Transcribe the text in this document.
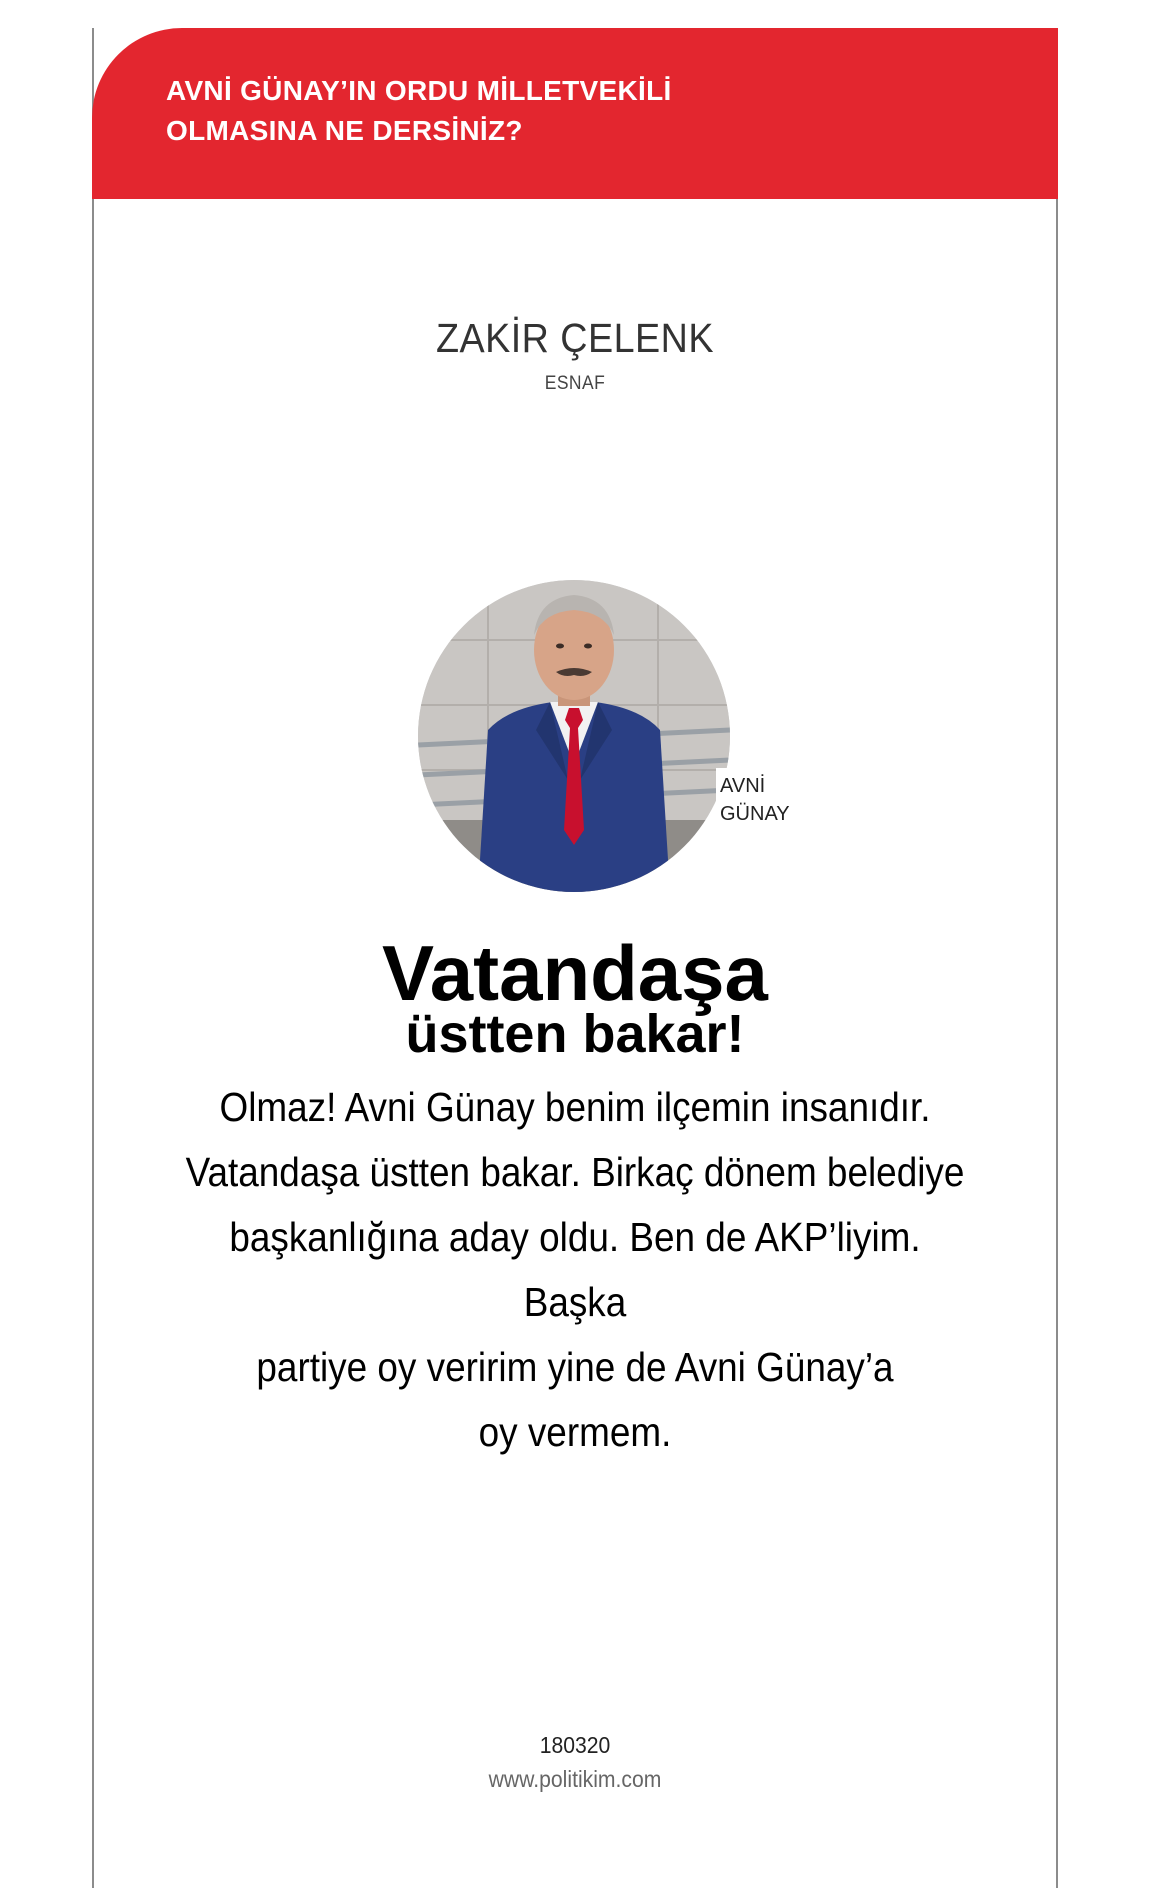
AVNİ GÜNAY’IN ORDU MİLLETVEKİLİ
OLMASINA NE DERSİNİZ?
ZAKİR ÇELENK
ESNAF
AVNİ
GÜNAY
Vatandaşa
üstten bakar!
Olmaz! Avni Günay benim ilçemin insanıdır.
Vatandaşa üstten bakar. Birkaç dönem belediye
başkanlığına aday oldu. Ben de AKP’liyim. Başka
partiye oy veririm yine de Avni Günay’a
oy vermem.
180320
www.politikim.com
